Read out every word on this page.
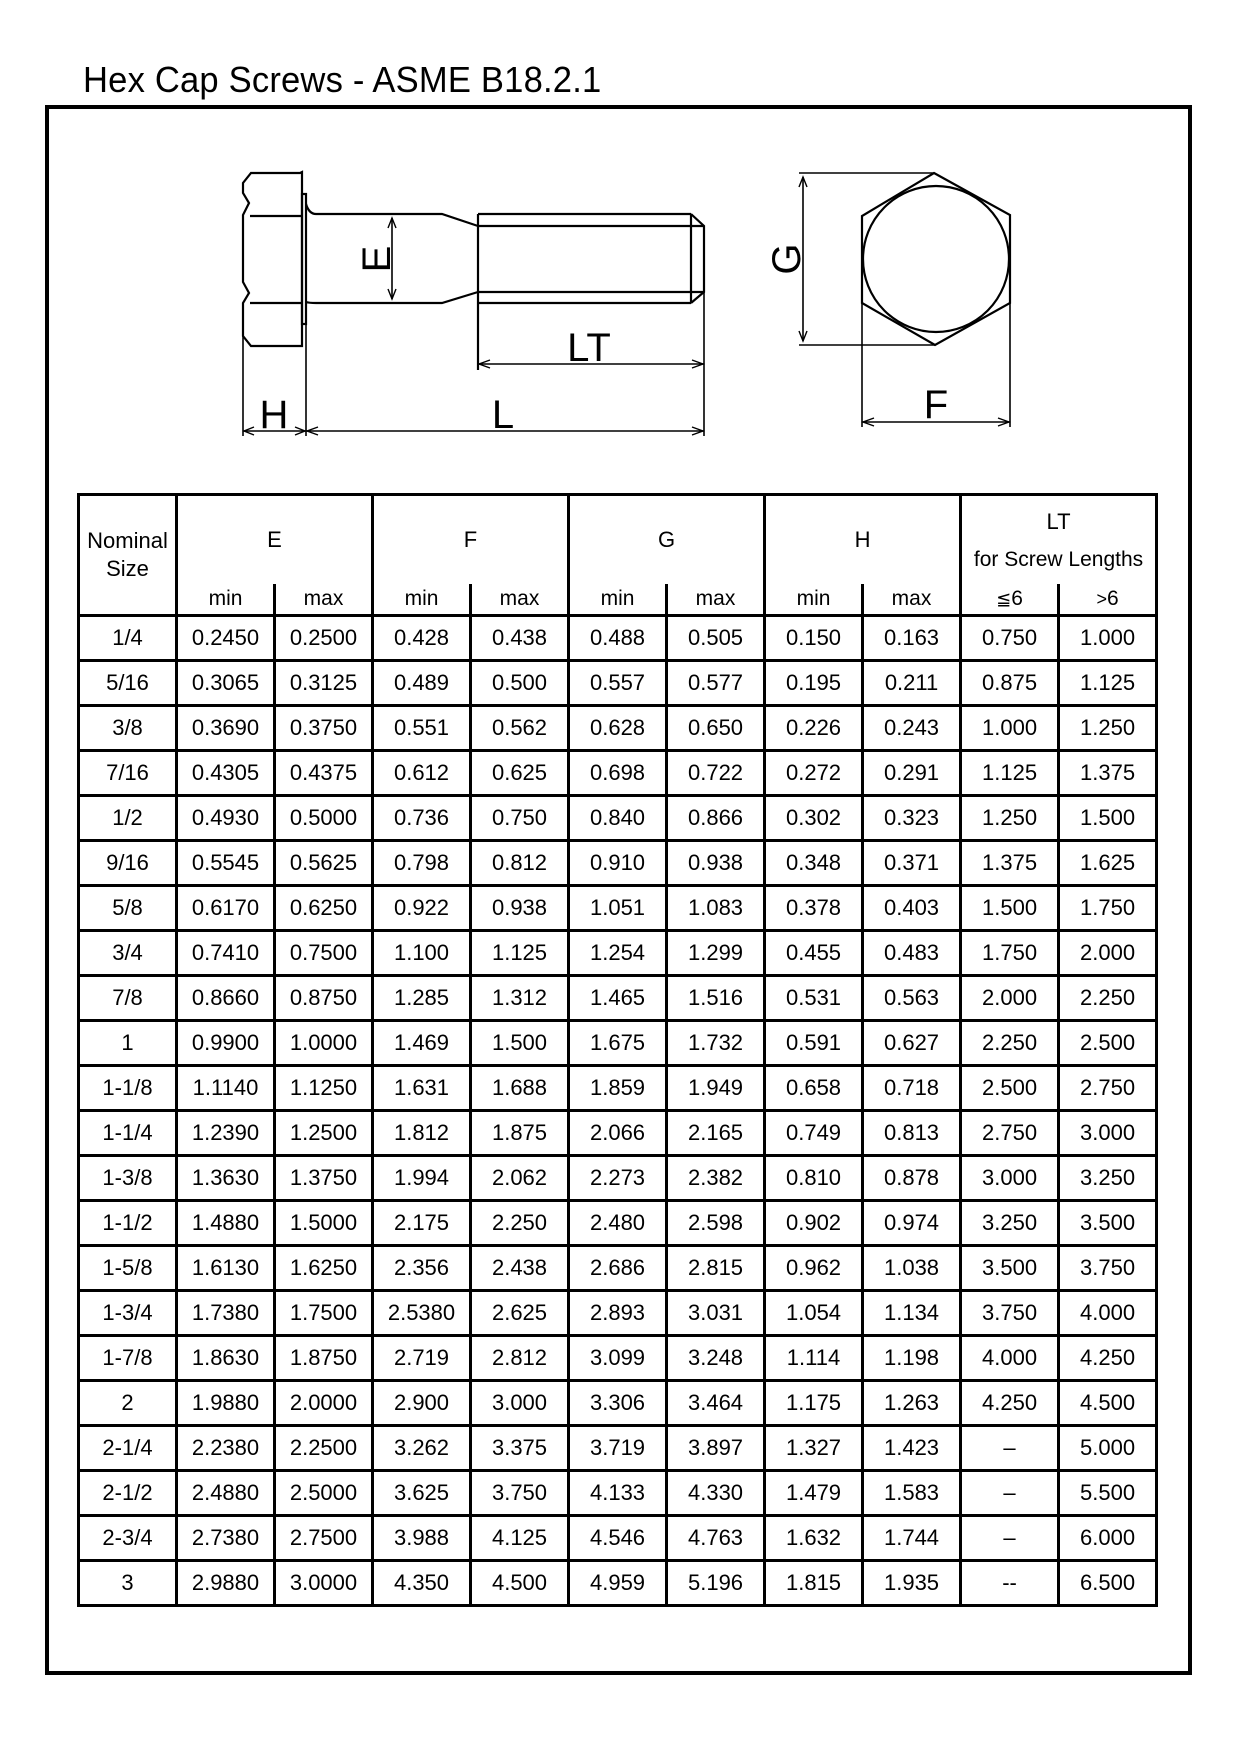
Hex Cap Screws - ASME B18.2.1
E
LT
H	L
G
F
Nominal
Size	E		F		G		H		LT
for Screw Lengths	

	min	max	min	max	min	max	min	max	≦6	>6
1/4	0.2450	0.2500	0.428	0.438	0.488	0.505	0.150	0.163	0.750	1.000
5/16	0.3065	0.3125	0.489	0.500	0.557	0.577	0.195	0.211	0.875	1.125
3/8	0.3690	0.3750	0.551	0.562	0.628	0.650	0.226	0.243	1.000	1.250
7/16	0.4305	0.4375	0.612	0.625	0.698	0.722	0.272	0.291	1.125	1.375
1/2	0.4930	0.5000	0.736	0.750	0.840	0.866	0.302	0.323	1.250	1.500
9/16	0.5545	0.5625	0.798	0.812	0.910	0.938	0.348	0.371	1.375	1.625
5/8	0.6170	0.6250	0.922	0.938	1.051	1.083	0.378	0.403	1.500	1.750
3/4	0.7410	0.7500	1.100	1.125	1.254	1.299	0.455	0.483	1.750	2.000
7/8	0.8660	0.8750	1.285	1.312	1.465	1.516	0.531	0.563	2.000	2.250
1	0.9900	1.0000	1.469	1.500	1.675	1.732	0.591	0.627	2.250	2.500
1-1/8	1.1140	1.1250	1.631	1.688	1.859	1.949	0.658	0.718	2.500	2.750
1-1/4	1.2390	1.2500	1.812	1.875	2.066	2.165	0.749	0.813	2.750	3.000
1-3/8	1.3630	1.3750	1.994	2.062	2.273	2.382	0.810	0.878	3.000	3.250
1-1/2	1.4880	1.5000	2.175	2.250	2.480	2.598	0.902	0.974	3.250	3.500
1-5/8	1.6130	1.6250	2.356	2.438	2.686	2.815	0.962	1.038	3.500	3.750
1-3/4	1.7380	1.7500	2.5380	2.625	2.893	3.031	1.054	1.134	3.750	4.000
1-7/8	1.8630	1.8750	2.719	2.812	3.099	3.248	1.114	1.198	4.000	4.250
2	1.9880	2.0000	2.900	3.000	3.306	3.464	1.175	1.263	4.250	4.500
2-1/4	2.2380	2.2500	3.262	3.375	3.719	3.897	1.327	1.423	–	5.000
2-1/2	2.4880	2.5000	3.625	3.750	4.133	4.330	1.479	1.583	–	5.500
2-3/4	2.7380	2.7500	3.988	4.125	4.546	4.763	1.632	1.744	–	6.000
3	2.9880	3.0000	4.350	4.500	4.959	5.196	1.815	1.935	--	6.500
